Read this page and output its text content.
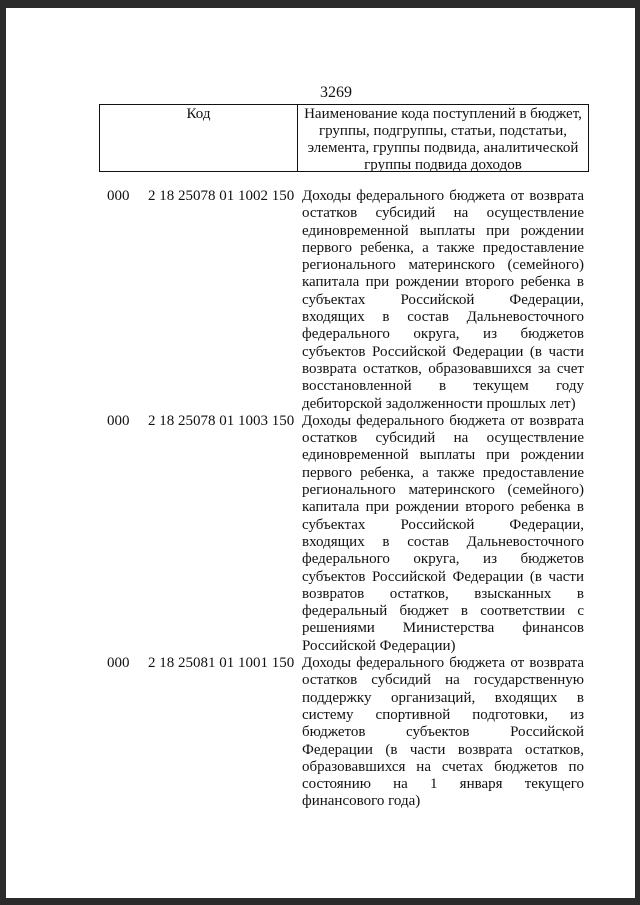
3269
Код	Наименование кода поступлений в бюджет, группы, подгруппы, статьи, подстатьи, элемента, группы подвида, аналитической группы подвида доходов
000 2 18 25078 01 1002 150 Доходы федерального бюджета от возврата остатков субсидий на осуществление единовременной выплаты при рождении первого ребенка, а также предоставление регионального материнского (семейного) капитала при рождении второго ребенка в субъектах Российской Федерации, входящих в состав Дальневосточного федерального округа, из бюджетов субъектов Российской Федерации (в части возврата остатков, образовавшихся за счет восстановленной в текущем году дебиторской задолженности прошлых лет)
000 2 18 25078 01 1003 150 Доходы федерального бюджета от возврата остатков субсидий на осуществление единовременной выплаты при рождении первого ребенка, а также предоставление регионального материнского (семейного) капитала при рождении второго ребенка в субъектах Российской Федерации, входящих в состав Дальневосточного федерального округа, из бюджетов субъектов Российской Федерации (в части возвратов остатков, взысканных в федеральный бюджет в соответствии с решениями Министерства финансов Российской Федерации)
000 2 18 25081 01 1001 150 Доходы федерального бюджета от возврата остатков субсидий на государственную поддержку организаций, входящих в систему спортивной подготовки, из бюджетов субъектов Российской Федерации (в части возврата остатков, образовавшихся на счетах бюджетов по состоянию на 1 января текущего финансового года)
